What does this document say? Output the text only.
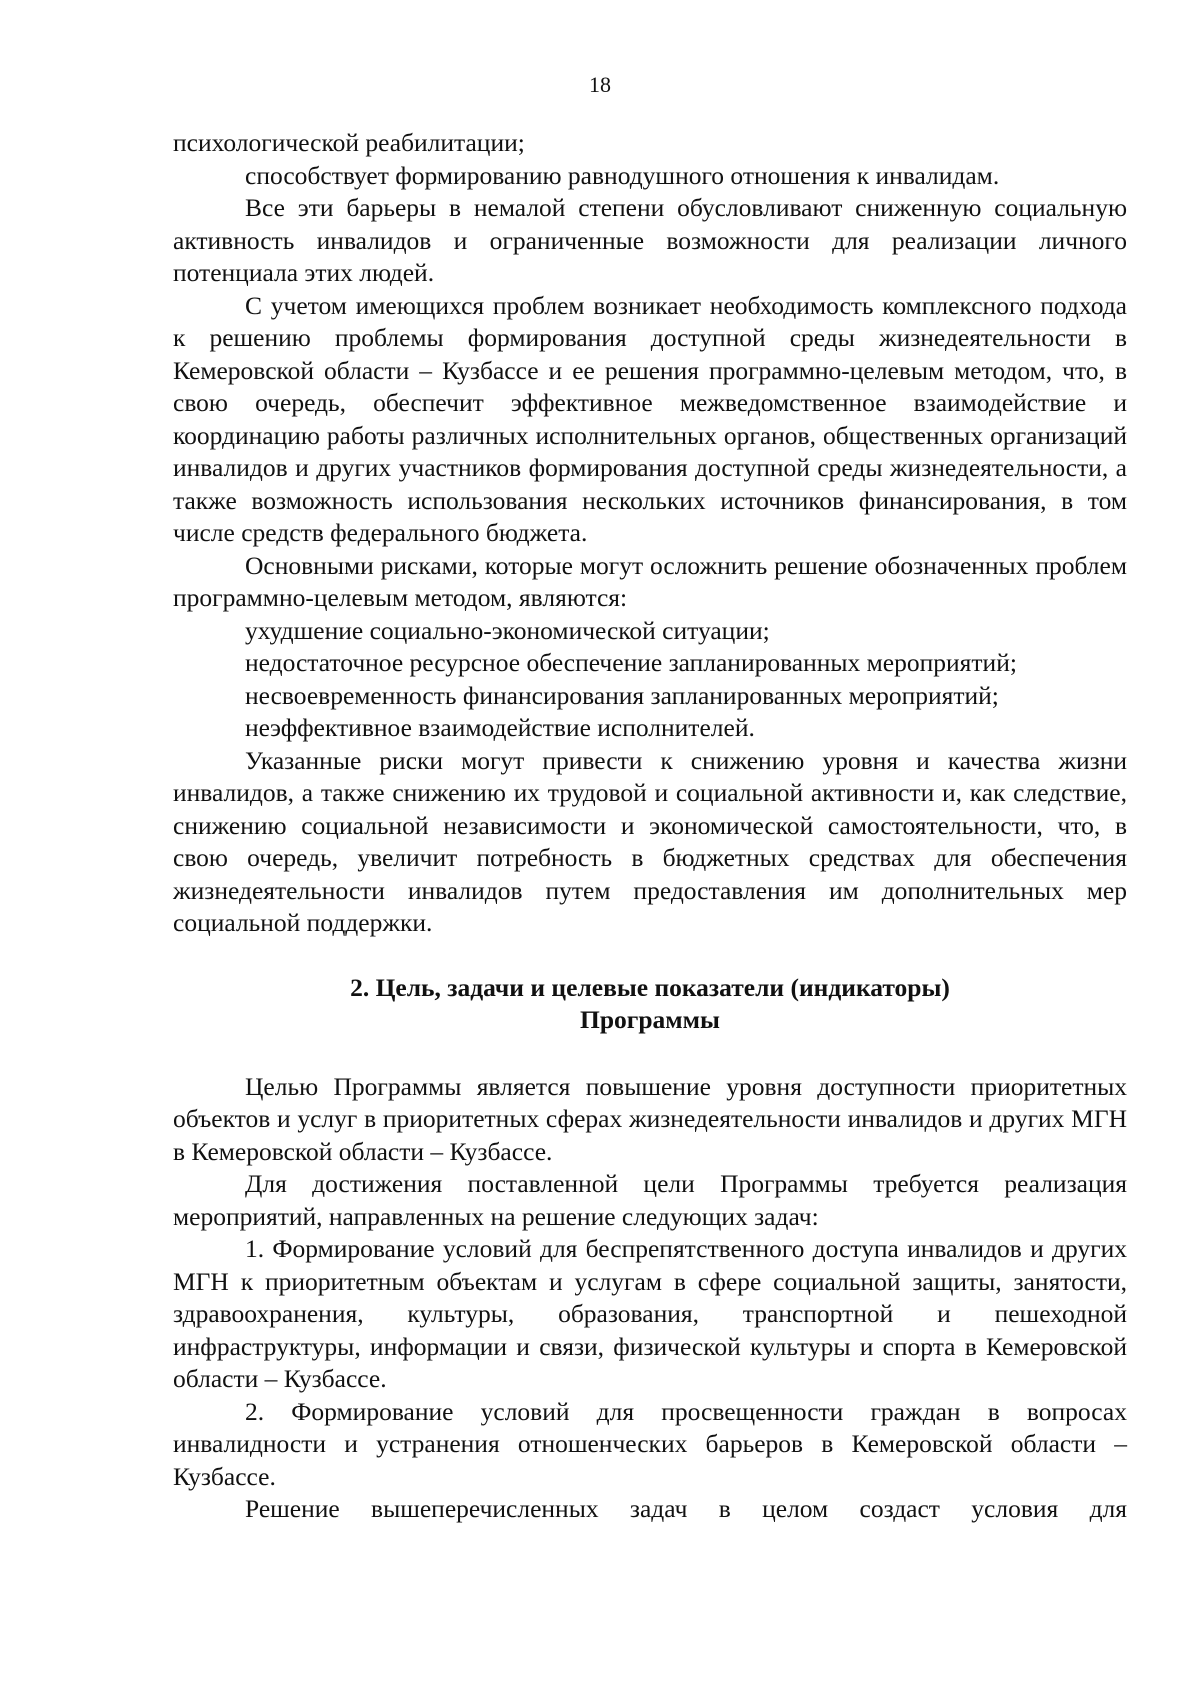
18

психологической реабилитации;

способствует формированию равнодушного отношения к инвалидам.

Все эти барьеры в немалой степени обусловливают сниженную социальную активность инвалидов и ограниченные возможности для реализации личного потенциала этих людей.

С учетом имеющихся проблем возникает необходимость комплексного подхода к решению проблемы формирования доступной среды жизнедеятельности в Кемеровской области – Кузбассе и ее решения программно-целевым методом, что, в свою очередь, обеспечит эффективное межведомственное взаимодействие и координацию работы различных исполнительных органов, общественных организаций инвалидов и других участников формирования доступной среды жизнедеятельности, а также возможность использования нескольких источников финансирования, в том числе средств федерального бюджета.

Основными рисками, которые могут осложнить решение обозначенных проблем программно-целевым методом, являются:

ухудшение социально-экономической ситуации;

недостаточное ресурсное обеспечение запланированных мероприятий;

несвоевременность финансирования запланированных мероприятий;

неэффективное взаимодействие исполнителей.

Указанные риски могут привести к снижению уровня и качества жизни инвалидов, а также снижению их трудовой и социальной активности и, как следствие, снижению социальной независимости и экономической самостоятельности, что, в свою очередь, увеличит потребность в бюджетных средствах для обеспечения жизнедеятельности инвалидов путем предоставления им дополнительных мер социальной поддержки.

2. Цель, задачи и целевые показатели (индикаторы)
Программы

Целью Программы является повышение уровня доступности приоритетных объектов и услуг в приоритетных сферах жизнедеятельности инвалидов и других МГН в Кемеровской области – Кузбассе.

Для достижения поставленной цели Программы требуется реализация мероприятий, направленных на решение следующих задач:

1. Формирование условий для беспрепятственного доступа инвалидов и других МГН к приоритетным объектам и услугам в сфере социальной защиты, занятости, здравоохранения, культуры, образования, транспортной и пешеходной инфраструктуры, информации и связи, физической культуры и спорта в Кемеровской области – Кузбассе.

2. Формирование условий для просвещенности граждан в вопросах инвалидности и устранения отношенческих барьеров в Кемеровской области – Кузбассе.

Решение вышеперечисленных задач в целом создаст условия для
